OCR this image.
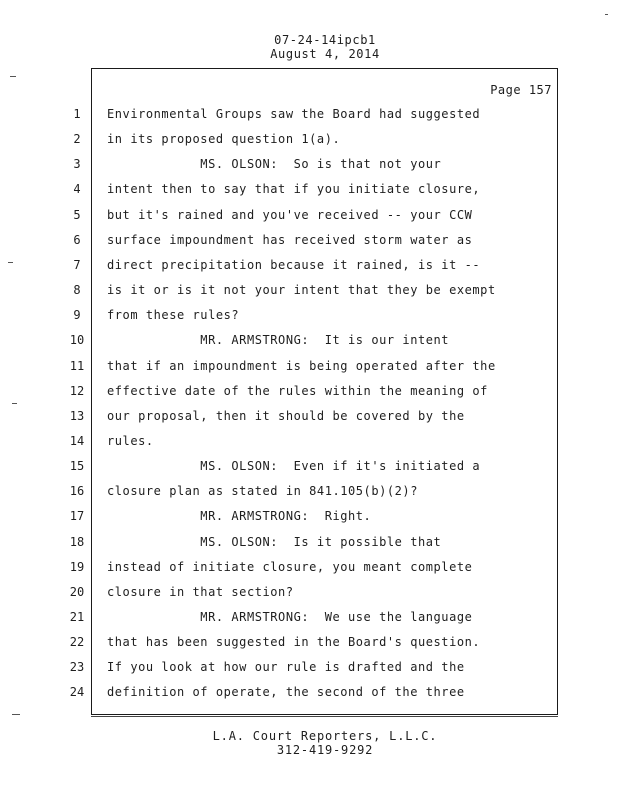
07-24-14ipcb1
August 4, 2014
Page 157
1	Environmental Groups saw the Board had suggested
2	in its proposed question 1(a).
3	MS. OLSON:  So is that not your
4	intent then to say that if you initiate closure,
5	but it's rained and you've received -- your CCW
6	surface impoundment has received storm water as
7	direct precipitation because it rained, is it --
8	is it or is it not your intent that they be exempt
9	from these rules?
10	MR. ARMSTRONG:  It is our intent
11	that if an impoundment is being operated after the
12	effective date of the rules within the meaning of
13	our proposal, then it should be covered by the
14	rules.
15	MS. OLSON:  Even if it's initiated a
16	closure plan as stated in 841.105(b)(2)?
17	MR. ARMSTRONG:  Right.
18	MS. OLSON:  Is it possible that
19	instead of initiate closure, you meant complete
20	closure in that section?
21	MR. ARMSTRONG:  We use the language
22	that has been suggested in the Board's question.
23	If you look at how our rule is drafted and the
24	definition of operate, the second of the three
L.A. Court Reporters, L.L.C.
312-419-9292
